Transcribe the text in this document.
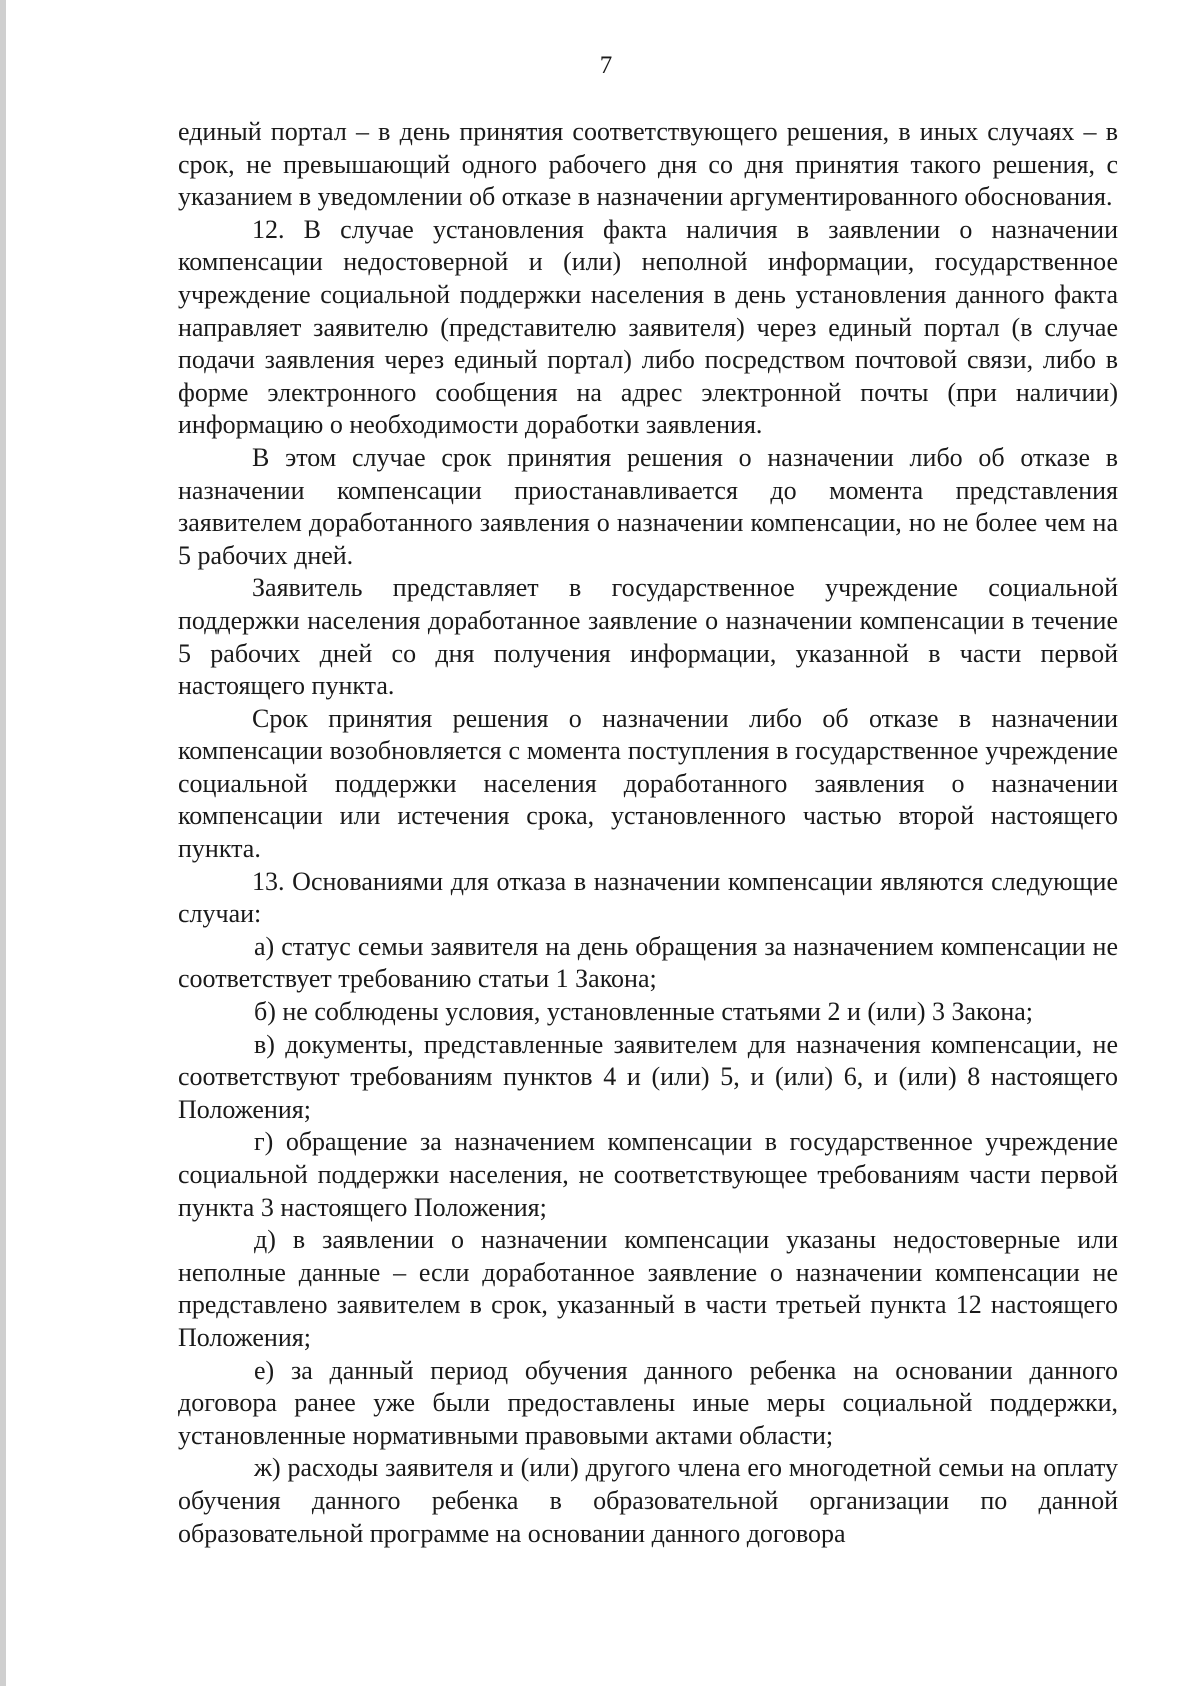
7

единый портал – в день принятия соответствующего решения, в иных случаях – в срок, не превышающий одного рабочего дня со дня принятия такого решения, с указанием в уведомлении об отказе в назначении аргументированного обоснования.

12. В случае установления факта наличия в заявлении о назначении компенсации недостоверной и (или) неполной информации, государственное учреждение социальной поддержки населения в день установления данного факта направляет заявителю (представителю заявителя) через единый портал (в случае подачи заявления через единый портал) либо посредством почтовой связи, либо в форме электронного сообщения на адрес электронной почты (при наличии) информацию о необходимости доработки заявления.

В этом случае срок принятия решения о назначении либо об отказе в назначении компенсации приостанавливается до момента представления заявителем доработанного заявления о назначении компенсации, но не более чем на 5 рабочих дней.

Заявитель представляет в государственное учреждение социальной поддержки населения доработанное заявление о назначении компенсации в течение 5 рабочих дней со дня получения информации, указанной в части первой настоящего пункта.

Срок принятия решения о назначении либо об отказе в назначении компенсации возобновляется с момента поступления в государственное учреждение социальной поддержки населения доработанного заявления о назначении компенсации или истечения срока, установленного частью второй настоящего пункта.

13. Основаниями для отказа в назначении компенсации являются следующие случаи:

а) статус семьи заявителя на день обращения за назначением компенсации не соответствует требованию статьи 1 Закона;

б) не соблюдены условия, установленные статьями 2 и (или) 3 Закона;

в) документы, представленные заявителем для назначения компенсации, не соответствуют требованиям пунктов 4 и (или) 5, и (или) 6, и (или) 8 настоящего Положения;

г) обращение за назначением компенсации в государственное учреждение социальной поддержки населения, не соответствующее требованиям части первой пункта 3 настоящего Положения;

д) в заявлении о назначении компенсации указаны недостоверные или неполные данные – если доработанное заявление о назначении компенсации не представлено заявителем в срок, указанный в части третьей пункта 12 настоящего Положения;

е) за данный период обучения данного ребенка на основании данного договора ранее уже были предоставлены иные меры социальной поддержки, установленные нормативными правовыми актами области;

ж) расходы заявителя и (или) другого члена его многодетной семьи на оплату обучения данного ребенка в образовательной организации по данной образовательной программе на основании данного договора
